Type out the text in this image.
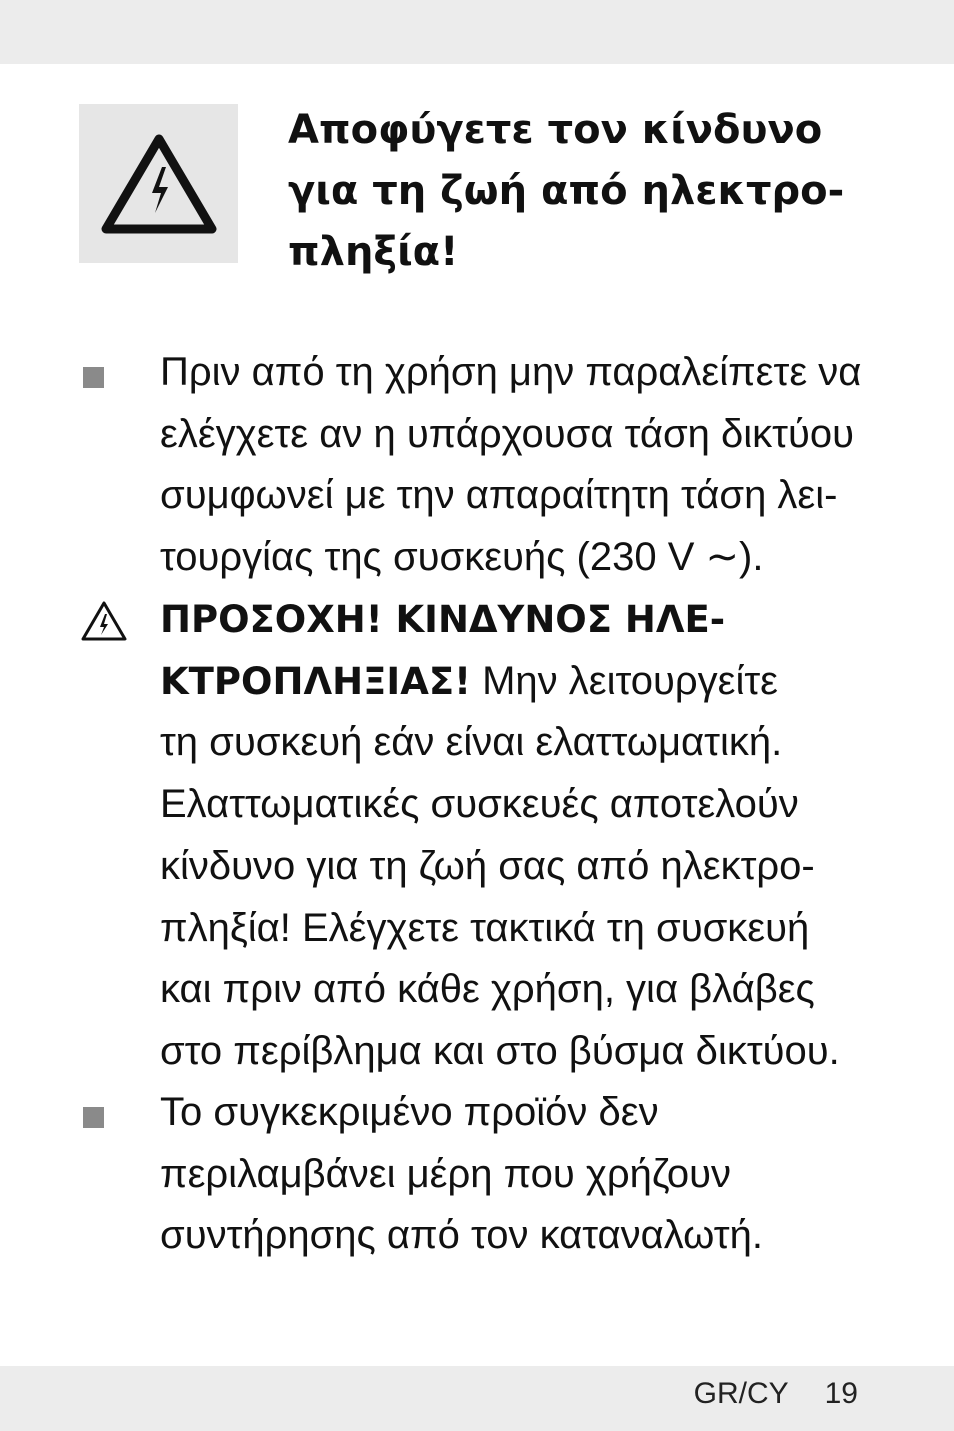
Αποφύγετε τον κίνδυνο
για τη ζωή από ηλεκτρο-
πληξία!

Πριν από τη χρήση μην παραλείπετε να
ελέγχετε αν η υπάρχουσα τάση δικτύου
συμφωνεί με την απαραίτητη τάση λει-
τουργίας της συσκευής (230 V ∼).

ΠΡΟΣΟΧΗ! ΚΙΝΔΥΝΟΣ ΗΛΕ-
ΚΤΡΟΠΛΗΞΙΑΣ! Μην λειτουργείτε
τη συσκευή εάν είναι ελαττωματική.
Ελαττωματικές συσκευές αποτελούν
κίνδυνο για τη ζωή σας από ηλεκτρο-
πληξία! Ελέγχετε τακτικά τη συσκευή
και πριν από κάθε χρήση, για βλάβες
στο περίβλημα και στο βύσμα δικτύου.

Το συγκεκριμένο προϊόν δεν
περιλαμβάνει μέρη που χρήζουν
συντήρησης από τον καταναλωτή.

GR/CY 19
